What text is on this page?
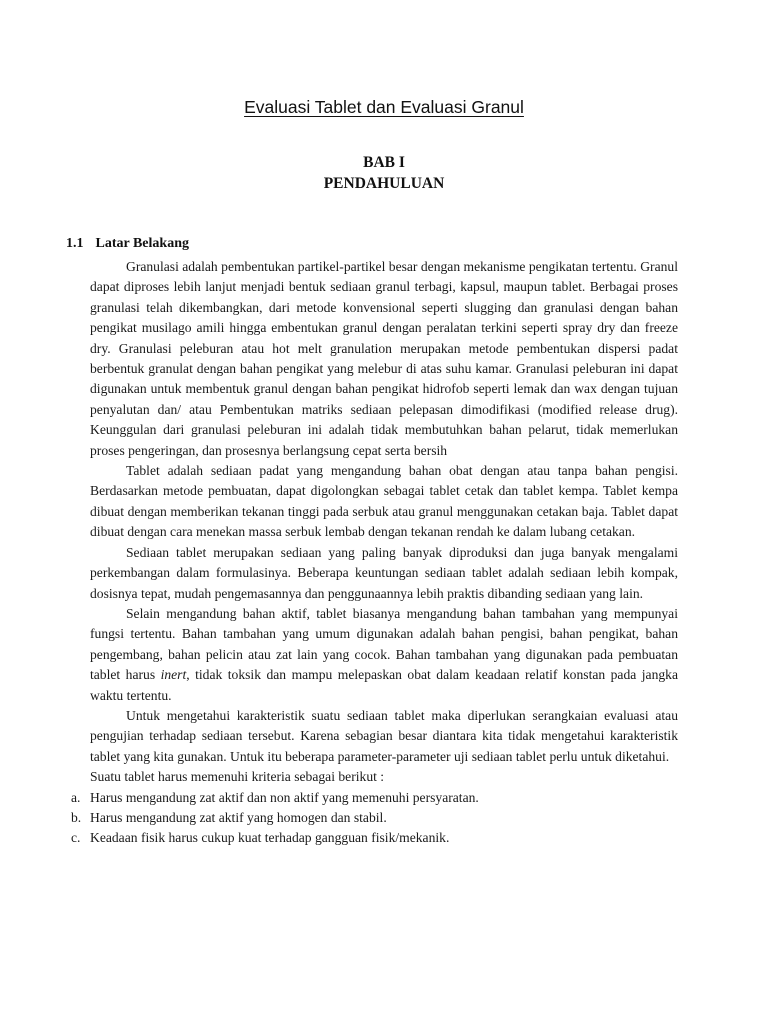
Evaluasi Tablet dan Evaluasi Granul
BAB I
PENDAHULUAN
1.1 Latar Belakang

Granulasi adalah pembentukan partikel-partikel besar dengan mekanisme pengikatan tertentu. Granul dapat diproses lebih lanjut menjadi bentuk sediaan granul terbagi, kapsul, maupun tablet. Berbagai proses granulasi telah dikembangkan, dari metode konvensional seperti slugging dan granulasi dengan bahan pengikat musilago amili hingga embentukan granul dengan peralatan terkini seperti spray dry dan freeze dry. Granulasi peleburan atau hot melt granulation merupakan metode pembentukan dispersi padat berbentuk granulat dengan bahan pengikat yang melebur di atas suhu kamar. Granulasi peleburan ini dapat digunakan untuk membentuk granul dengan bahan pengikat hidrofob seperti lemak dan wax dengan tujuan penyalutan dan/ atau Pembentukan matriks sediaan pelepasan dimodifikasi (modified release drug). Keunggulan dari granulasi peleburan ini adalah tidak membutuhkan bahan pelarut, tidak memerlukan proses pengeringan, dan prosesnya berlangsung cepat serta bersih

Tablet adalah sediaan padat yang mengandung bahan obat dengan atau tanpa bahan pengisi. Berdasarkan metode pembuatan, dapat digolongkan sebagai tablet cetak dan tablet kempa. Tablet kempa dibuat dengan memberikan tekanan tinggi pada serbuk atau granul menggunakan cetakan baja. Tablet dapat dibuat dengan cara menekan massa serbuk lembab dengan tekanan rendah ke dalam lubang cetakan.

Sediaan tablet merupakan sediaan yang paling banyak diproduksi dan juga banyak mengalami perkembangan dalam formulasinya. Beberapa keuntungan sediaan tablet adalah sediaan lebih kompak, dosisnya tepat, mudah pengemasannya dan penggunaannya lebih praktis dibanding sediaan yang lain.

Selain mengandung bahan aktif, tablet biasanya mengandung bahan tambahan yang mempunyai fungsi tertentu. Bahan tambahan yang umum digunakan adalah bahan pengisi, bahan pengikat, bahan pengembang, bahan pelicin atau zat lain yang cocok. Bahan tambahan yang digunakan pada pembuatan tablet harus inert, tidak toksik dan mampu melepaskan obat dalam keadaan relatif konstan pada jangka waktu tertentu.

Untuk mengetahui karakteristik suatu sediaan tablet maka diperlukan serangkaian evaluasi atau pengujian terhadap sediaan tersebut. Karena sebagian besar diantara kita tidak mengetahui karakteristik tablet yang kita gunakan. Untuk itu beberapa parameter-parameter uji sediaan tablet perlu untuk diketahui.

Suatu tablet harus memenuhi kriteria sebagai berikut :

a. Harus mengandung zat aktif dan non aktif yang memenuhi persyaratan.
b. Harus mengandung zat aktif yang homogen dan stabil.
c. Keadaan fisik harus cukup kuat terhadap gangguan fisik/mekanik.
